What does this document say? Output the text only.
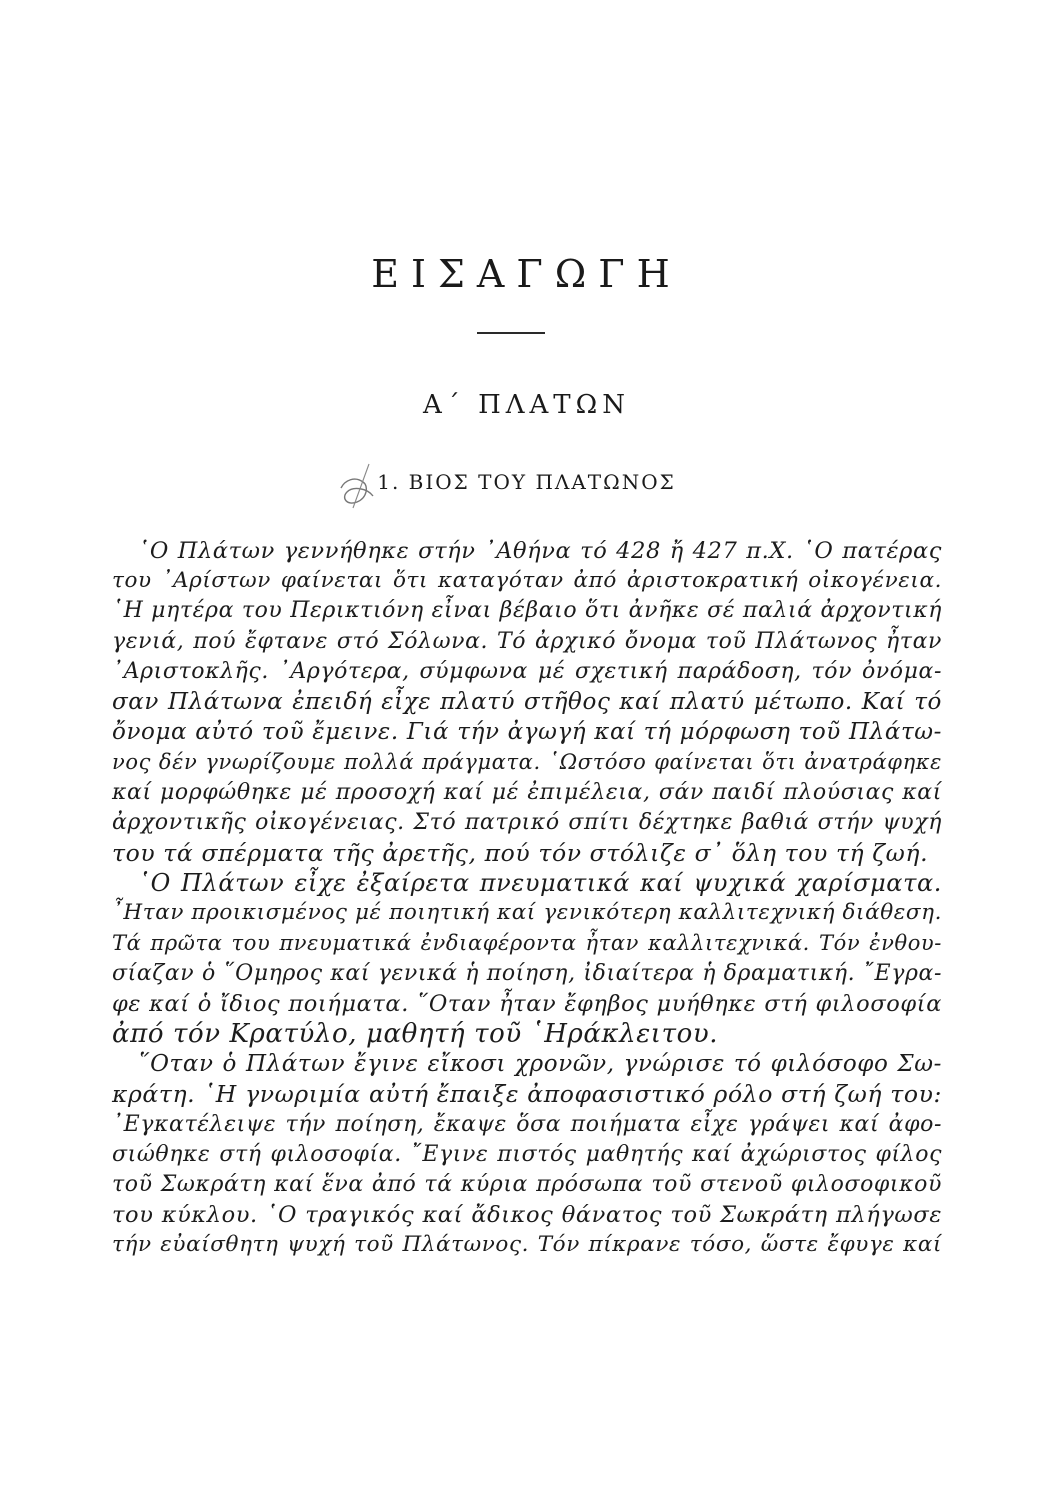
ΕΙΣΑΓΩΓΗ
Α΄ ΠΛΑΤΩΝ
1. ΒΙΟΣ ΤΟΥ ΠΛΑΤΩΝΟΣ
῾Ο Πλάτων γεννήθηκε στήν ᾿Αθήνα τό 428 ἤ 427 π.Χ. ῾Ο πατέρας
του ᾿Αρίστων φαίνεται ὅτι καταγόταν ἀπό ἀριστοκρατική οἰκογένεια.
῾Η μητέρα του Περικτιόνη εἶναι βέβαιο ὅτι ἀνῆκε σέ παλιά ἀρχοντική
γενιά, πού ἔφτανε στό Σόλωνα. Τό ἀρχικό ὄνομα τοῦ Πλάτωνος ἦταν
᾿Αριστοκλῆς. ᾿Αργότερα, σύμφωνα μέ σχετική παράδοση, τόν ὀνόμα-
σαν Πλάτωνα ἐπειδή εἶχε πλατύ στῆθος καί πλατύ μέτωπο. Καί τό
ὄνομα αὐτό τοῦ ἔμεινε. Γιά τήν ἀγωγή καί τή μόρφωση τοῦ Πλάτω-
νος δέν γνωρίζουμε πολλά πράγματα. ῾Ωστόσο φαίνεται ὅτι ἀνατράφηκε
καί μορφώθηκε μέ προσοχή καί μέ ἐπιμέλεια, σάν παιδί πλούσιας καί
ἀρχοντικῆς οἰκογένειας. Στό πατρικό σπίτι δέχτηκε βαθιά στήν ψυχή
του τά σπέρματα τῆς ἀρετῆς, πού τόν στόλιζε σ᾿ ὅλη του τή ζωή.
῾Ο Πλάτων εἶχε ἐξαίρετα πνευματικά καί ψυχικά χαρίσματα.
῏Ηταν προικισμένος μέ ποιητική καί γενικότερη καλλιτεχνική διάθεση.
Τά πρῶτα του πνευματικά ἐνδιαφέροντα ἦταν καλλιτεχνικά. Τόν ἐνθου-
σίαζαν ὁ ῞Ομηρος καί γενικά ἡ ποίηση, ἰδιαίτερα ἡ δραματική. ῎Εγρα-
φε καί ὁ ἴδιος ποιήματα. ῞Οταν ἦταν ἔφηβος μυήθηκε στή φιλοσοφία
ἀπό τόν Κρατύλο, μαθητή τοῦ ῾Ηράκλειτου.
῞Οταν ὁ Πλάτων ἔγινε εἴκοσι χρονῶν, γνώρισε τό φιλόσοφο Σω-
κράτη. ῾Η γνωριμία αὐτή ἔπαιξε ἀποφασιστικό ρόλο στή ζωή του:
᾿Εγκατέλειψε τήν ποίηση, ἔκαψε ὅσα ποιήματα εἶχε γράψει καί ἀφο-
σιώθηκε στή φιλοσοφία. ῎Εγινε πιστός μαθητής καί ἀχώριστος φίλος
τοῦ Σωκράτη καί ἕνα ἀπό τά κύρια πρόσωπα τοῦ στενοῦ φιλοσοφικοῦ
του κύκλου. ῾Ο τραγικός καί ἄδικος θάνατος τοῦ Σωκράτη πλήγωσε
τήν εὐαίσθητη ψυχή τοῦ Πλάτωνος. Τόν πίκρανε τόσο, ὥστε ἔφυγε καί
